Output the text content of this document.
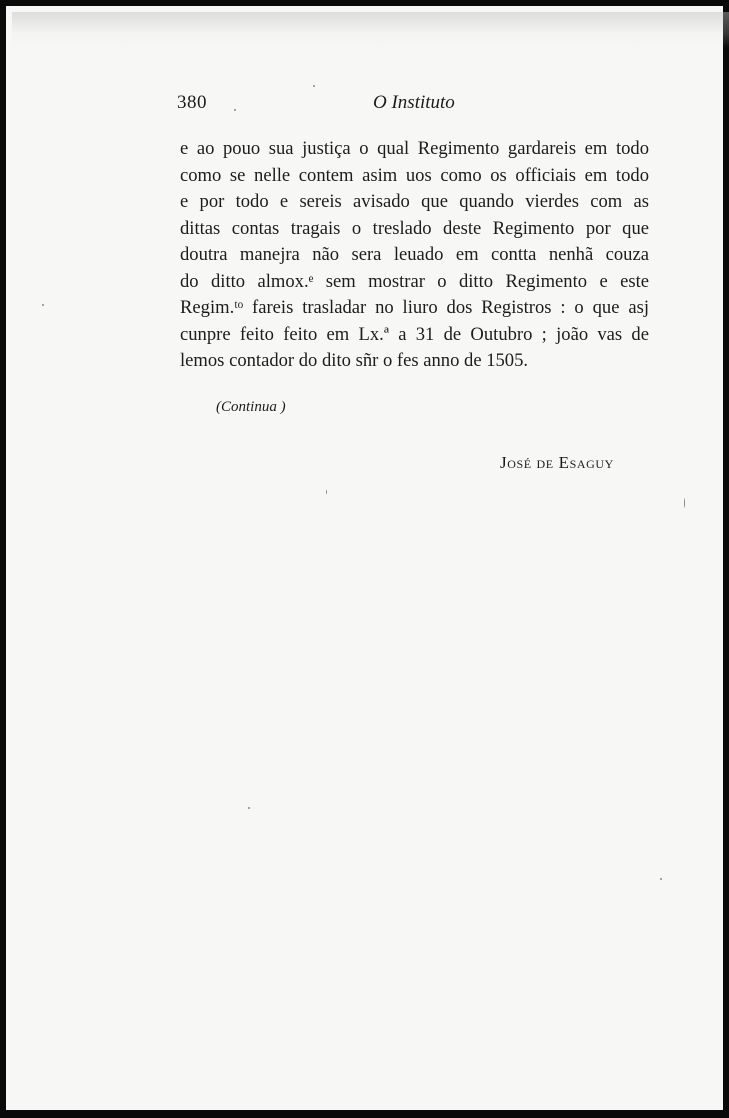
380	O Instituto
e ao pouo sua justiça o qual Regimento gardareis em todo
como se nelle contem asim uos como os officiais em todo
e por todo e sereis avisado que quando vierdes com as
dittas contas tragais o treslado deste Regimento por que
doutra manejra não sera leuado em contta nenhã couza
do ditto almox.ᵉ sem mostrar o ditto Regimento e este
Regim.ᵗᵒ fareis trasladar no liuro dos Registros : o que asj
cunpre feito feito em Lx.ª a 31 de Outubro ; joão vas de
lemos contador do dito sñr o fes anno de 1505.
(Continua )
José de Esaguy
